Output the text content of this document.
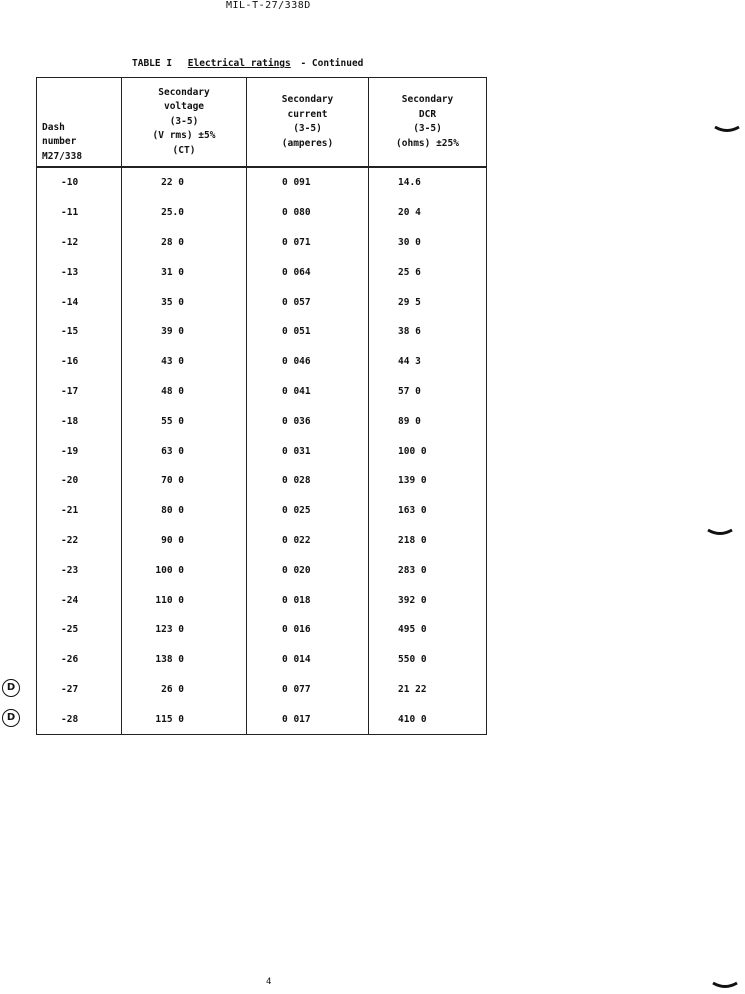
MIL-T-27/338D
TABLE I Electrical ratings - Continued
Dash
number
M27/338	Secondary
voltage
(3-5)
(V rms) ±5%
(CT)	Secondary
current
(3-5)
(amperes)	Secondary
DCR
(3-5)
(ohms) ±25%

-10	22 0	0 091	14.6
-11	25.0	0 080	20 4
-12	28 0	0 071	30 0
-13	31 0	0 064	25 6
-14	35 0	0 057	29 5
-15	39 0	0 051	38 6
-16	43 0	0 046	44 3
-17	48 0	0 041	57 0
-18	55 0	0 036	89 0
-19	63 0	0 031	100 0
-20	70 0	0 028	139 0
-21	80 0	0 025	163 0
-22	90 0	0 022	218 0
-23	100 0	0 020	283 0
-24	110 0	0 018	392 0
-25	123 0	0 016	495 0
-26	138 0	0 014	550 0
-27	26 0	0 077	21 22
-28	115 0	0 017	410 0
D
D
4
